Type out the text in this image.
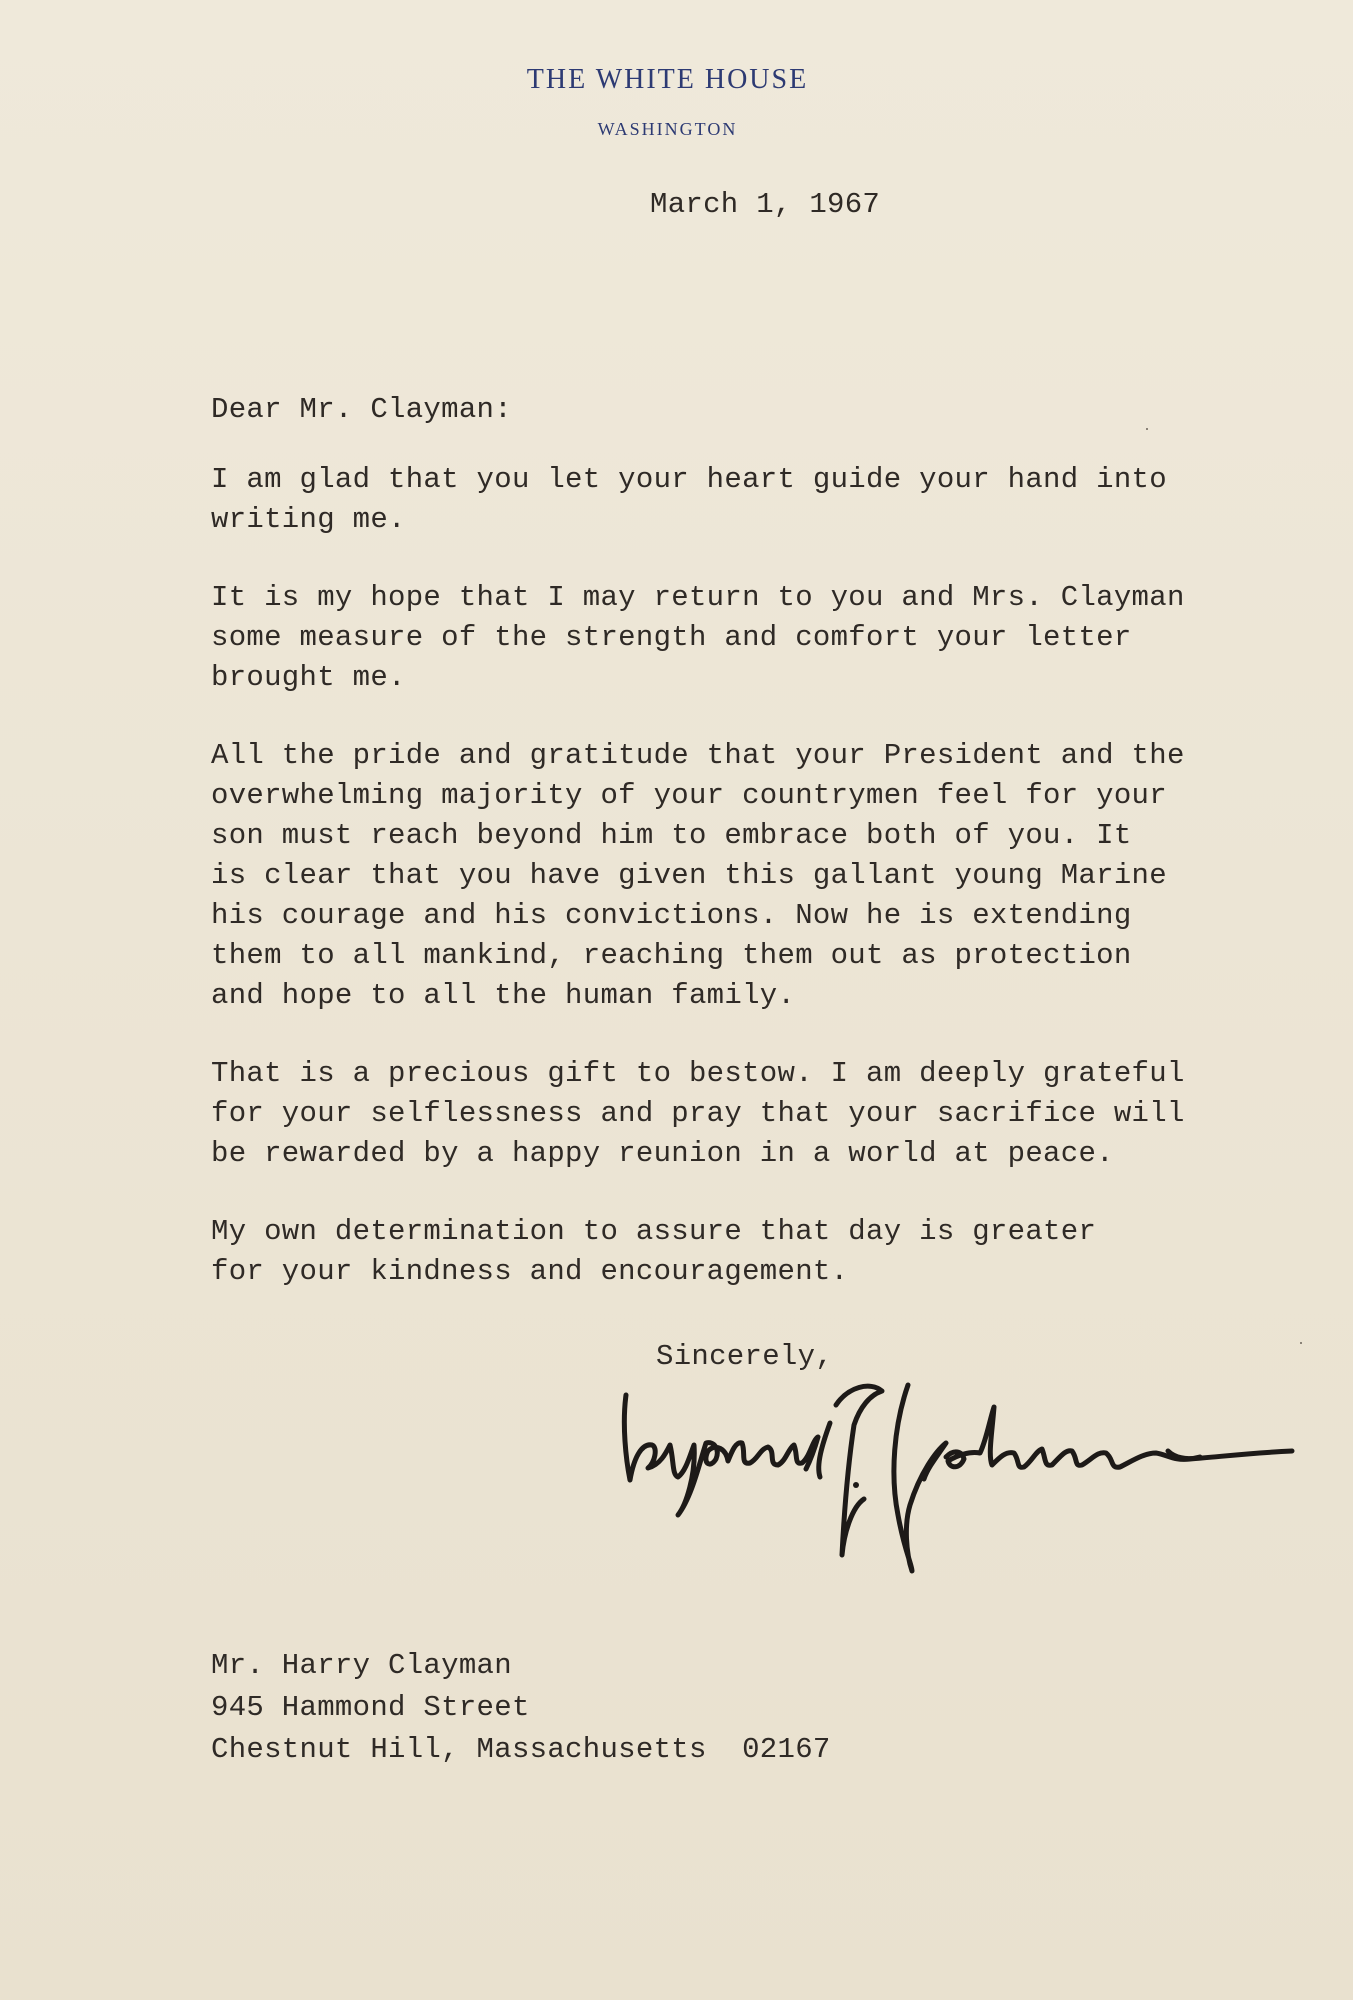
THE WHITE HOUSE
WASHINGTON
March 1, 1967
Dear Mr. Clayman:

I am glad that you let your heart guide your hand into
writing me.

It is my hope that I may return to you and Mrs. Clayman
some measure of the strength and comfort your letter
brought me.

All the pride and gratitude that your President and the
overwhelming majority of your countrymen feel for your
son must reach beyond him to embrace both of you. It
is clear that you have given this gallant young Marine
his courage and his convictions. Now he is extending
them to all mankind, reaching them out as protection
and hope to all the human family.

That is a precious gift to bestow. I am deeply grateful
for your selflessness and pray that your sacrifice will
be rewarded by a happy reunion in a world at peace.

My own determination to assure that day is greater
for your kindness and encouragement.

Sincerely,
Mr. Harry Clayman
945 Hammond Street
Chestnut Hill, Massachusetts  02167
